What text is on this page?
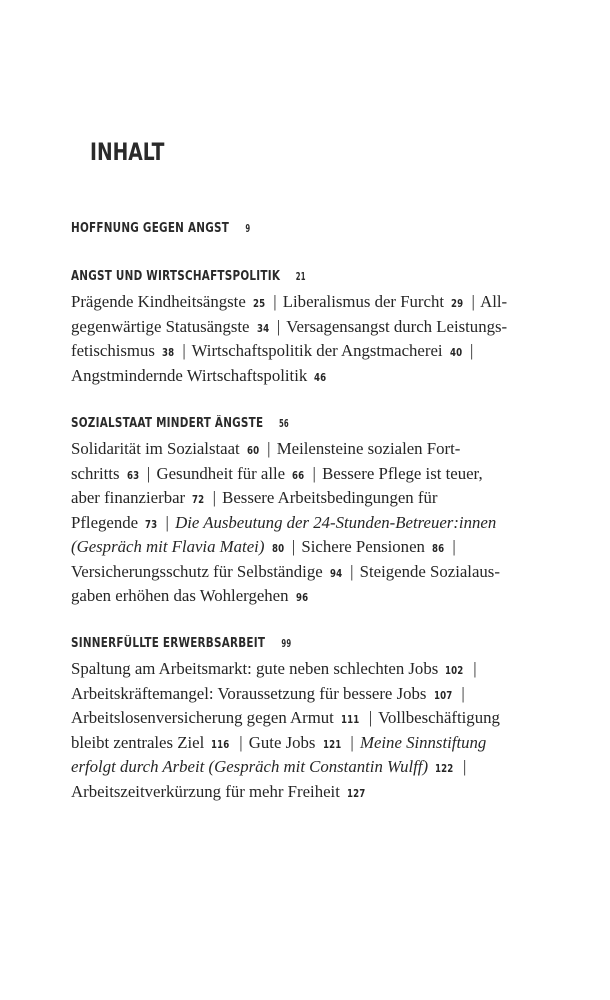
INHALT
HOFFNUNG GEGEN ANGST 9
ANGST UND WIRTSCHAFTSPOLITIK 21
Prägende Kindheitsängste 25 | Liberalismus der Furcht 29 | All-
gegenwärtige Statusängste 34 | Versagensangst durch Leistungs-
fetischismus 38 | Wirtschaftspolitik der Angstmacherei 40 |
Angstmindernde Wirtschaftspolitik 46
SOZIALSTAAT MINDERT ÄNGSTE 56
Solidarität im Sozialstaat 60 | Meilensteine sozialen Fort-
schritts 63 | Gesundheit für alle 66 | Bessere Pflege ist teuer,
aber finanzierbar 72 | Bessere Arbeitsbedingungen für
Pflegende 73 | Die Ausbeutung der 24-Stunden-Betreuer:innen
(Gespräch mit Flavia Matei) 80 | Sichere Pensionen 86 |
Versicherungsschutz für Selbständige 94 | Steigende Sozialaus-
gaben erhöhen das Wohlergehen 96
SINNERFÜLLTE ERWERBSARBEIT 99
Spaltung am Arbeitsmarkt: gute neben schlechten Jobs 102 |
Arbeitskräftemangel: Voraussetzung für bessere Jobs 107 |
Arbeitslosenversicherung gegen Armut 111 | Vollbeschäftigung
bleibt zentrales Ziel 116 | Gute Jobs 121 | Meine Sinnstiftung
erfolgt durch Arbeit (Gespräch mit Constantin Wulff) 122 |
Arbeitszeitverkürzung für mehr Freiheit 127
